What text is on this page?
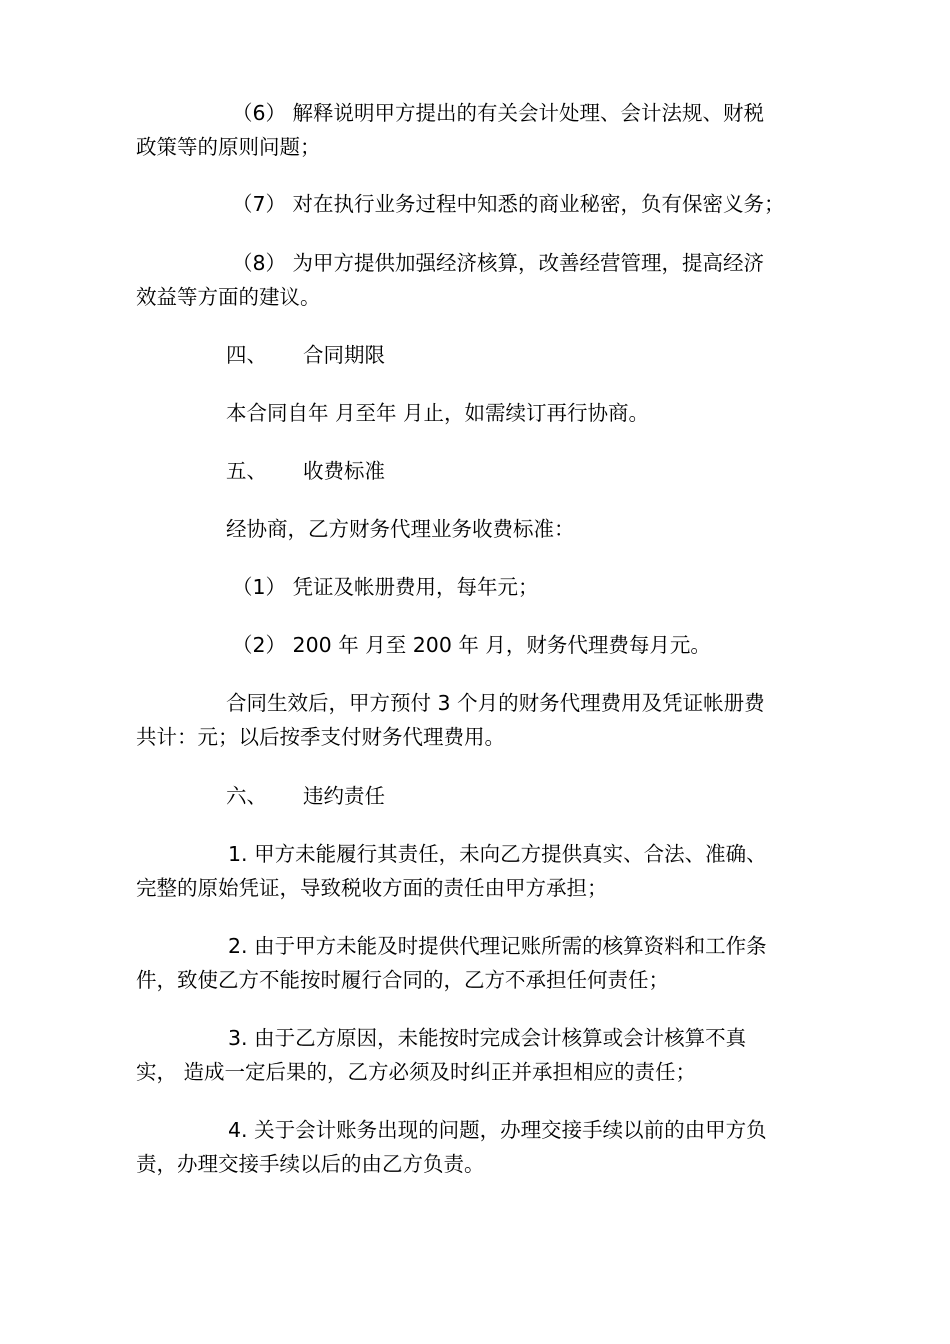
（6） 解释说明甲方提出的有关会计处理、会计法规、财税
政策等的原则问题；

（7） 对在执行业务过程中知悉的商业秘密，负有保密义务；

（8） 为甲方提供加强经济核算，改善经营管理，提高经济
效益等方面的建议。

四、 合同期限

本合同自年 月至年 月止，如需续订再行协商。

五、 收费标准

经协商，乙方财务代理业务收费标准：

（1） 凭证及帐册费用，每年元；

（2） 200 年 月至 200 年 月，财务代理费每月元。

合同生效后，甲方预付 3 个月的财务代理费用及凭证帐册费
共计：元；以后按季支付财务代理费用。

六、 违约责任

1. 甲方未能履行其责任，未向乙方提供真实、合法、准确、
完整的原始凭证，导致税收方面的责任由甲方承担；

2. 由于甲方未能及时提供代理记账所需的核算资料和工作条
件，致使乙方不能按时履行合同的，乙方不承担任何责任；

3. 由于乙方原因，未能按时完成会计核算或会计核算不真
实， 造成一定后果的，乙方必须及时纠正并承担相应的责任；

4. 关于会计账务出现的问题，办理交接手续以前的由甲方负
责，办理交接手续以后的由乙方负责。
